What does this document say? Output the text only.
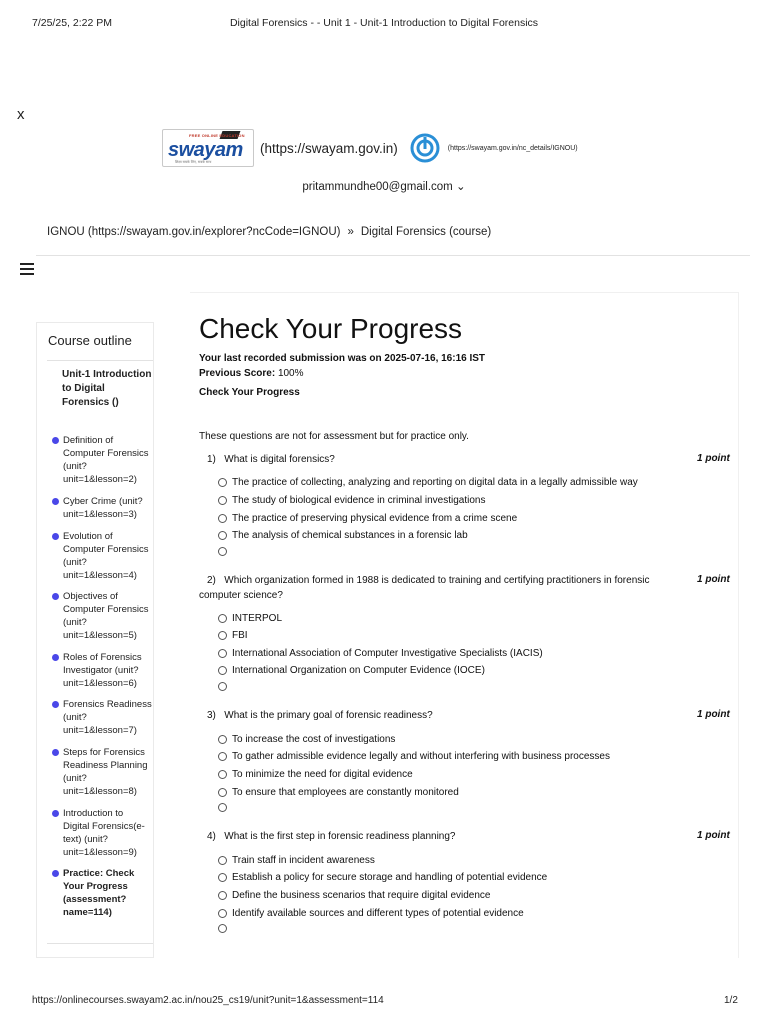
7/25/25, 2:22 PM	Digital Forensics - - Unit 1 - Unit-1 Introduction to Digital Forensics
x
FREE ONLINE EDUCATION
swayam
शिक्षा सबके लिए, सबके साथ
(https://swayam.gov.in)	(https://swayam.gov.in/nc_details/IGNOU)
pritammundhe00@gmail.com ⌄
IGNOU (https://swayam.gov.in/explorer?ncCode=IGNOU) » Digital Forensics (course)
Course outline
Unit-1 Introduction to Digital Forensics ()
Definition of Computer Forensics (unit?unit=1&lesson=2)
Cyber Crime (unit?unit=1&lesson=3)
Evolution of Computer Forensics (unit?unit=1&lesson=4)
Objectives of Computer Forensics (unit?unit=1&lesson=5)
Roles of Forensics Investigator (unit?unit=1&lesson=6)
Forensics Readiness (unit?unit=1&lesson=7)
Steps for Forensics Readiness Planning (unit?unit=1&lesson=8)
Introduction to Digital Forensics(e-text) (unit?unit=1&lesson=9)
Practice: Check Your Progress (assessment?name=114)
Check Your Progress
Your last recorded submission was on 2025-07-16, 16:16 IST
Previous Score: 100%
Check Your Progress
These questions are not for assessment but for practice only.
1) What is digital forensics?	1 point
The practice of collecting, analyzing and reporting on digital data in a legally admissible way
The study of biological evidence in criminal investigations
The practice of preserving physical evidence from a crime scene
The analysis of chemical substances in a forensic lab
2) Which organization formed in 1988 is dedicated to training and certifying practitioners in forensic computer science?
1 point
INTERPOL
FBI
International Association of Computer Investigative Specialists (IACIS)
International Organization on Computer Evidence (IOCE)
3) What is the primary goal of forensic readiness?	1 point
To increase the cost of investigations
To gather admissible evidence legally and without interfering with business processes
To minimize the need for digital evidence
To ensure that employees are constantly monitored
4) What is the first step in forensic readiness planning?	1 point
Train staff in incident awareness
Establish a policy for secure storage and handling of potential evidence
Define the business scenarios that require digital evidence
Identify available sources and different types of potential evidence
https://onlinecourses.swayam2.ac.in/nou25_cs19/unit?unit=1&assessment=114	1/2
